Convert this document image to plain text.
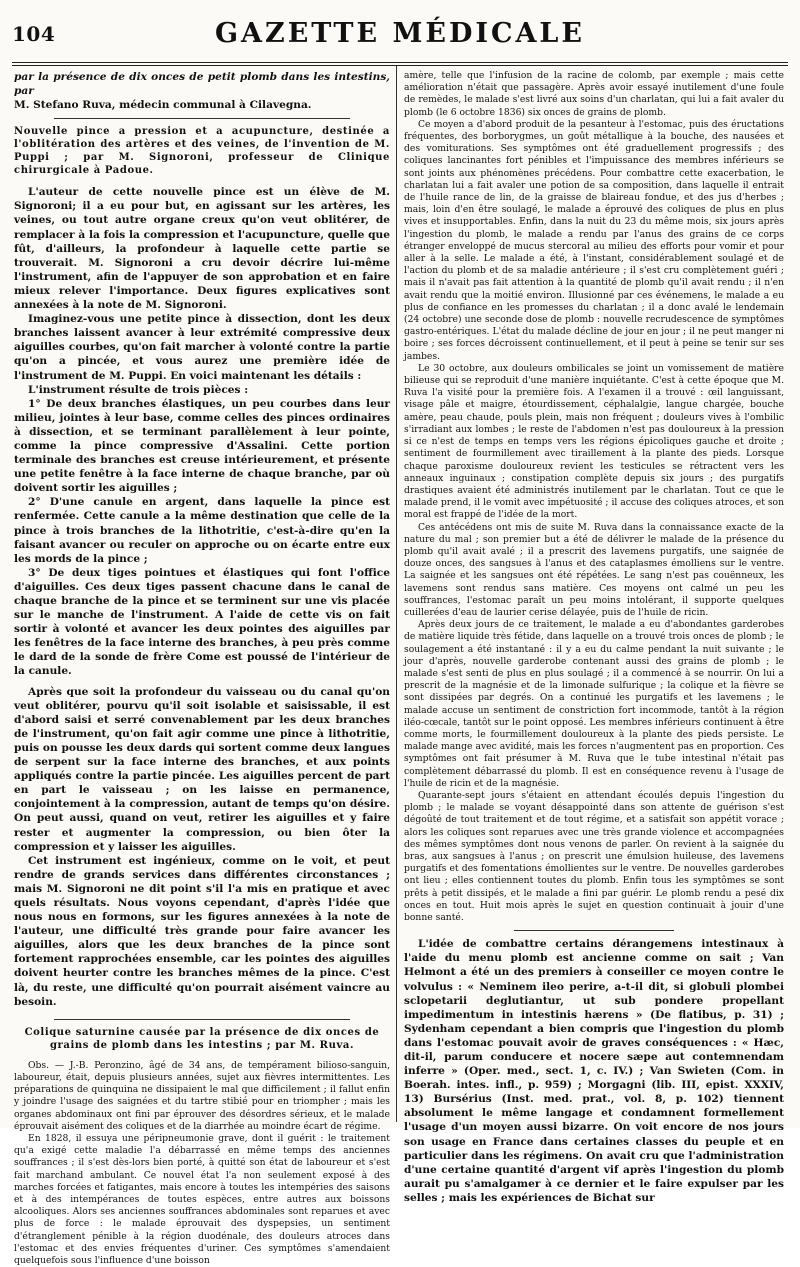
104	GAZETTE MÉDICALE

par la présence de dix onces de petit plomb dans les intestins, par

M. Stefano Ruva, médecin communal à Cilavegna.

Nouvelle pince a pression et a acupuncture, destinée a l'oblitération des artères et des veines, de l'invention de M. Puppi ; par M. Signoroni, professeur de Clinique chirurgicale à Padoue.

L'auteur de cette nouvelle pince est un élève de M. Signoroni; il a eu pour but, en agissant sur les artères, les veines, ou tout autre organe creux qu'on veut oblitérer, de remplacer à la fois la compression et l'acupuncture, quelle que fût, d'ailleurs, la profondeur à laquelle cette partie se trouverait. M. Signoroni a cru devoir décrire lui-même l'instrument, afin de l'appuyer de son approbation et en faire mieux relever l'importance. Deux figures explicatives sont annexées à la note de M. Signoroni.

Imaginez-vous une petite pince à dissection, dont les deux branches laissent avancer à leur extrémité compressive deux aiguilles courbes, qu'on fait marcher à volonté contre la partie qu'on a pincée, et vous aurez une première idée de l'instrument de M. Puppi. En voici maintenant les détails :

L'instrument résulte de trois pièces :

1° De deux branches élastiques, un peu courbes dans leur milieu, jointes à leur base, comme celles des pinces ordinaires à dissection, et se terminant parallèlement à leur pointe, comme la pince compressive d'Assalini. Cette portion terminale des branches est creuse intérieurement, et présente une petite fenêtre à la face interne de chaque branche, par où doivent sortir les aiguilles ;

2° D'une canule en argent, dans laquelle la pince est renfermée. Cette canule a la même destination que celle de la pince à trois branches de la lithotritie, c'est-à-dire qu'en la faisant avancer ou reculer on approche ou on écarte entre eux les mords de la pince ;

3° De deux tiges pointues et élastiques qui font l'office d'aiguilles. Ces deux tiges passent chacune dans le canal de chaque branche de la pince et se terminent sur une vis placée sur le manche de l'instrument. A l'aide de cette vis on fait sortir à volonté et avancer les deux pointes des aiguilles par les fenêtres de la face interne des branches, à peu près comme le dard de la sonde de frère Come est poussé de l'intérieur de la canule.

Après que soit la profondeur du vaisseau ou du canal qu'on veut oblitérer, pourvu qu'il soit isolable et saisissable, il est d'abord saisi et serré convenablement par les deux branches de l'instrument, qu'on fait agir comme une pince à lithotritie, puis on pousse les deux dards qui sortent comme deux langues de serpent sur la face interne des branches, et aux points appliqués contre la partie pincée. Les aiguilles percent de part en part le vaisseau ; on les laisse en permanence, conjointement à la compression, autant de temps qu'on désire. On peut aussi, quand on veut, retirer les aiguilles et y faire rester et augmenter la compression, ou bien ôter la compression et y laisser les aiguilles.

Cet instrument est ingénieux, comme on le voit, et peut rendre de grands services dans différentes circonstances ; mais M. Signoroni ne dit point s'il l'a mis en pratique et avec quels résultats. Nous voyons cependant, d'après l'idée que nous nous en formons, sur les figures annexées à la note de l'auteur, une difficulté très grande pour faire avancer les aiguilles, alors que les deux branches de la pince sont fortement rapprochées ensemble, car les pointes des aiguilles doivent heurter contre les branches mêmes de la pince. C'est là, du reste, une difficulté qu'on pourrait aisément vaincre au besoin.

Colique saturnine causée par la présence de dix onces de grains de plomb dans les intestins ; par M. Ruva.

Obs. — J.-B. Peronzino, âgé de 34 ans, de tempérament bilioso-sanguin, laboureur, était, depuis plusieurs années, sujet aux fièvres intermittentes. Les préparations de quinquina ne dissipaient le mal que difficilement ; il fallut enfin y joindre l'usage des saignées et du tartre stibié pour en triompher ; mais les organes abdominaux ont fini par éprouver des désordres sérieux, et le malade éprouvait aisément des coliques et de la diarrhée au moindre écart de régime.

En 1828, il essuya une péripneumonie grave, dont il guérit : le traitement qu'a exigé cette maladie l'a débarrassé en même temps des anciennes souffrances ; il s'est dès-lors bien porté, à quitté son état de laboureur et s'est fait marchand ambulant. Ce nouvel état l'a non seulement exposé à des marches forcées et fatigantes, mais encore à toutes les intempéries des saisons et à des intempérances de toutes espèces, entre autres aux boissons alcooliques. Alors ses anciennes souffrances abdominales sont reparues et avec plus de force : le malade éprouvait des dyspepsies, un sentiment d'étranglement pénible à la région duodénale, des douleurs atroces dans l'estomac et des envies fréquentes d'uriner. Ces symptômes s'amendaient quelquefois sous l'influence d'une boisson

amère, telle que l'infusion de la racine de colomb, par exemple ; mais cette amélioration n'était que passagère. Après avoir essayé inutilement d'une foule de remèdes, le malade s'est livré aux soins d'un charlatan, qui lui a fait avaler du plomb (le 6 octobre 1836) six onces de grains de plomb.

Ce moyen a d'abord produit de la pesanteur à l'estomac, puis des éructations fréquentes, des borborygmes, un goût métallique à la bouche, des nausées et des vomiturations. Ses symptômes ont été graduellement progressifs ; des coliques lancinantes fort pénibles et l'impuissance des membres inférieurs se sont joints aux phénomènes précédens. Pour combattre cette exacerbation, le charlatan lui a fait avaler une potion de sa composition, dans laquelle il entrait de l'huile rance de lin, de la graisse de blaireau fondue, et des jus d'herbes ; mais, loin d'en être soulagé, le malade a éprouvé des coliques de plus en plus vives et insupportables. Enfin, dans la nuit du 23 du même mois, six jours après l'ingestion du plomb, le malade a rendu par l'anus des grains de ce corps étranger enveloppé de mucus stercoral au milieu des efforts pour vomir et pour aller à la selle. Le malade a été, à l'instant, considérablement soulagé et de l'action du plomb et de sa maladie antérieure ; il s'est cru complètement guéri ; mais il n'avait pas fait attention à la quantité de plomb qu'il avait rendu ; il n'en avait rendu que la moitié environ. Illusionné par ces événemens, le malade a eu plus de confiance en les promesses du charlatan ; il a donc avalé le lendemain (24 octobre) une seconde dose de plomb : nouvelle recrudescence de symptômes gastro-entériques. L'état du malade décline de jour en jour ; il ne peut manger ni boire ; ses forces décroissent continuellement, et il peut à peine se tenir sur ses jambes.

Le 30 octobre, aux douleurs ombilicales se joint un vomissement de matière bilieuse qui se reproduit d'une manière inquiétante. C'est à cette époque que M. Ruva l'a visité pour la première fois. A l'examen il a trouvé : œil languissant, visage pâle et maigre, étourdissement, céphalalgie, langue chargée, bouche amère, peau chaude, pouls plein, mais non fréquent ; douleurs vives à l'ombilic s'irradiant aux lombes ; le reste de l'abdomen n'est pas douloureux à la pression si ce n'est de temps en temps vers les régions épicoliques gauche et droite ; sentiment de fourmillement avec tiraillement à la plante des pieds. Lorsque chaque paroxisme douloureux revient les testicules se rétractent vers les anneaux inguinaux ; constipation complète depuis six jours ; des purgatifs drastiques avaient été administrés inutilement par le charlatan. Tout ce que le malade prend, il le vomit avec impétuosité ; il accuse des coliques atroces, et son moral est frappé de l'idée de la mort.

Ces antécédens ont mis de suite M. Ruva dans la connaissance exacte de la nature du mal ; son premier but a été de délivrer le malade de la présence du plomb qu'il avait avalé ; il a prescrit des lavemens purgatifs, une saignée de douze onces, des sangsues à l'anus et des cataplasmes émolliens sur le ventre. La saignée et les sangsues ont été répétées. Le sang n'est pas couënneux, les lavemens sont rendus sans matière. Ces moyens ont calmé un peu les souffrances, l'estomac paraît un peu moins intolérant, il supporte quelques cuillerées d'eau de laurier cerise délayée, puis de l'huile de ricin.

Après deux jours de ce traitement, le malade a eu d'abondantes garderobes de matière liquide très fétide, dans laquelle on a trouvé trois onces de plomb ; le soulagement a été instantané : il y a eu du calme pendant la nuit suivante ; le jour d'après, nouvelle garderobe contenant aussi des grains de plomb ; le malade s'est senti de plus en plus soulagé ; il a commencé à se nourrir. On lui a prescrit de la magnésie et de la limonade sulfurique ; la colique et la fièvre se sont dissipées par degrés. On a continué les purgatifs et les lavemens ; le malade accuse un sentiment de constriction fort incommode, tantôt à la région iléo-cœcale, tantôt sur le point opposé. Les membres inférieurs continuent à être comme morts, le fourmillement douloureux à la plante des pieds persiste. Le malade mange avec avidité, mais les forces n'augmentent pas en proportion. Ces symptômes ont fait présumer à M. Ruva que le tube intestinal n'était pas complètement débarrassé du plomb. Il est en conséquence revenu à l'usage de l'huile de ricin et de la magnésie.

Quarante-sept jours s'étaient en attendant écoulés depuis l'ingestion du plomb ; le malade se voyant désappointé dans son attente de guérison s'est dégoûté de tout traitement et de tout régime, et a satisfait son appétit vorace ; alors les coliques sont reparues avec une très grande violence et accompagnées des mêmes symptômes dont nous venons de parler. On revient à la saignée du bras, aux sangsues à l'anus ; on prescrit une émulsion huileuse, des lavemens purgatifs et des fomentations émollientes sur le ventre. De nouvelles garderobes ont lieu ; elles contiennent toutes du plomb. Enfin tous les symptômes se sont prêts à petit dissipés, et le malade a fini par guérir. Le plomb rendu a pesé dix onces en tout. Huit mois après le sujet en question continuait à jouir d'une bonne santé.

L'idée de combattre certains dérangemens intestinaux à l'aide du menu plomb est ancienne comme on sait ; Van Helmont a été un des premiers à conseiller ce moyen contre le volvulus : « Neminem ileo perire, a-t-il dit, si globuli plombei sclopetarii deglutiantur, ut sub pondere propellant impedimentum in intestinis hærens » (De flatibus, p. 31) ; Sydenham cependant a bien compris que l'ingestion du plomb dans l'estomac pouvait avoir de graves conséquences : « Hæc, dit-il, parum conducere et nocere sæpe aut contemnendam inferre » (Oper. med., sect. 1, c. IV.) ; Van Swieten (Com. in Boerah. intes. infl., p. 959) ; Morgagni (lib. III, epist. XXXIV, 13) Bursérius (Inst. med. prat., vol. 8, p. 102) tiennent absolument le même langage et condamnent formellement l'usage d'un moyen aussi bizarre. On voit encore de nos jours son usage en France dans certaines classes du peuple et en particulier dans les régimens. On avait cru que l'administration d'une certaine quantité d'argent vif après l'ingestion du plomb aurait pu s'amalgamer à ce dernier et le faire expulser par les selles ; mais les expériences de Bichat sur
